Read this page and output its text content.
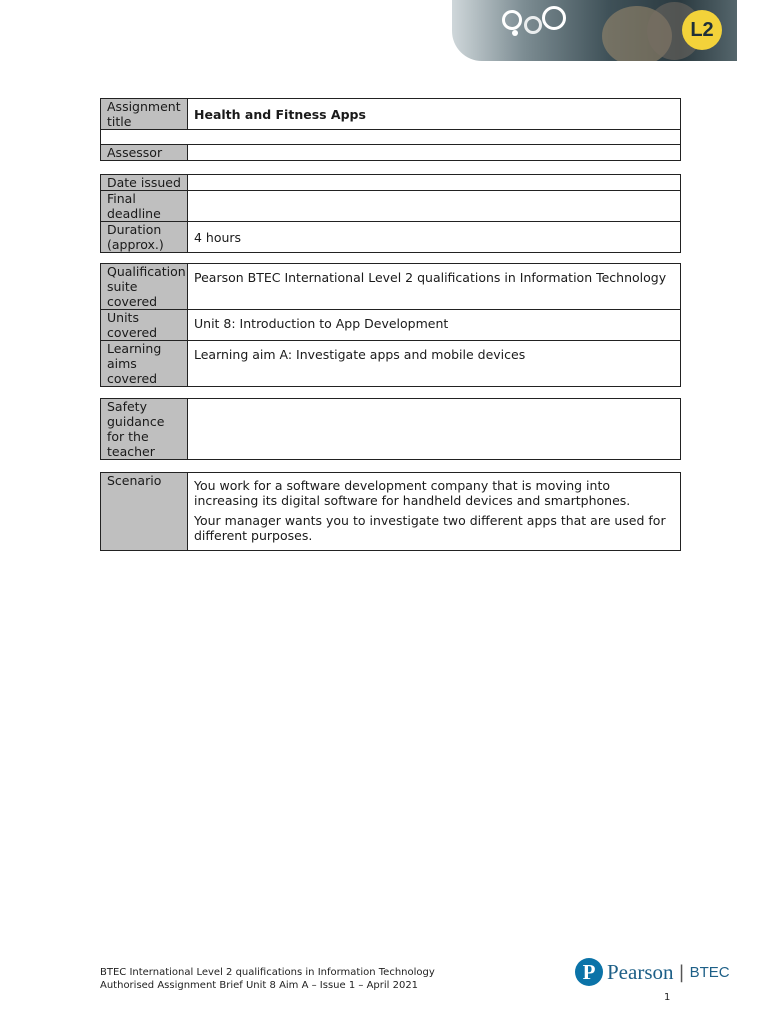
L2
Assignment title	Health and Fitness Apps

Assessor	
Date issued	
Final deadline	
Duration (approx.)	4 hours
Qualification suite covered	Pearson BTEC International Level 2 qualifications in Information Technology
Units covered	Unit 8: Introduction to App Development
Learning aims covered	Learning aim A: Investigate apps and mobile devices
Safety guidance for the teacher	
Scenario	You work for a software development company that is moving into increasing its digital software for handheld devices and smartphones.

Your manager wants you to investigate two different apps that are used for different purposes.

BTEC International Level 2 qualifications in Information Technology
Authorised Assignment Brief Unit 8 Aim A – Issue 1 – April 2021
P Pearson | BTEC
1
